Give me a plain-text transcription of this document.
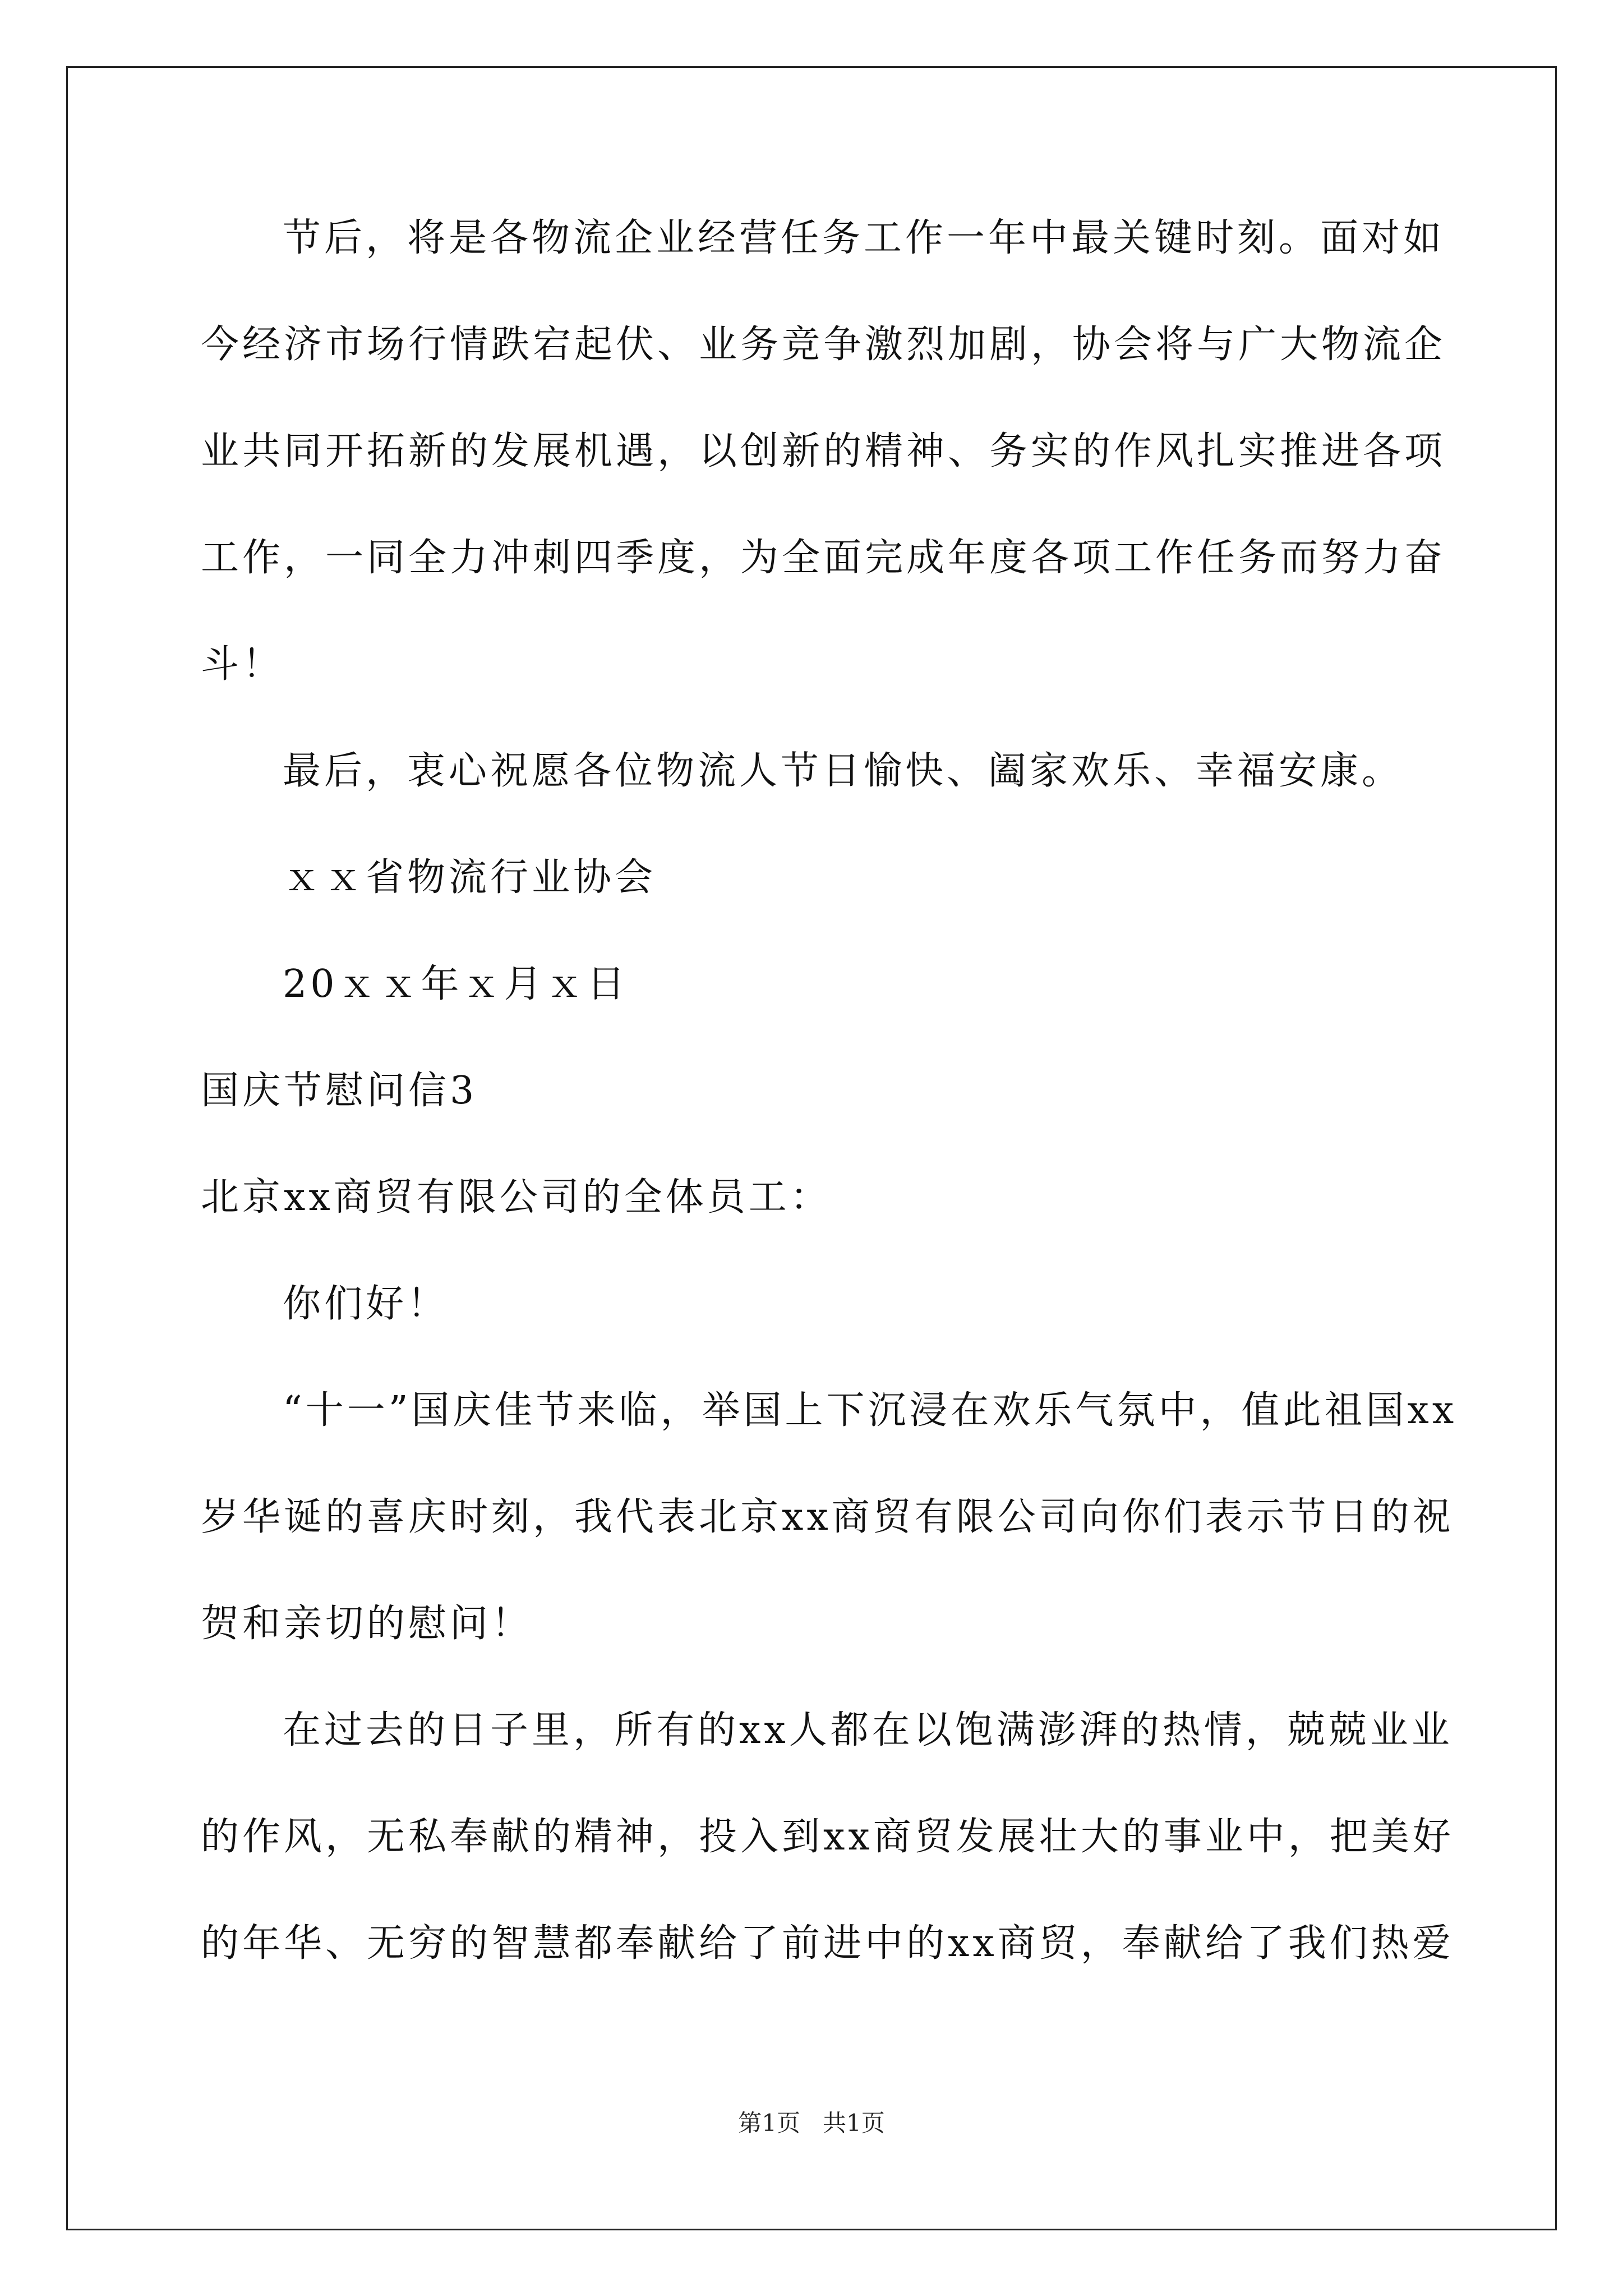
节后，将是各物流企业经营任务工作一年中最关键时刻。面对如
今经济市场行情跌宕起伏、业务竞争激烈加剧，协会将与广大物流企
业共同开拓新的发展机遇，以创新的精神、务实的作风扎实推进各项
工作，一同全力冲刺四季度，为全面完成年度各项工作任务而努力奋
斗！
最后，衷心祝愿各位物流人节日愉快、阖家欢乐、幸福安康。
ｘｘ省物流行业协会
20ｘｘ年ｘ月ｘ日
国庆节慰问信3
北京xx商贸有限公司的全体员工：
你们好！
“十一”国庆佳节来临，举国上下沉浸在欢乐气氛中，值此祖国xx
岁华诞的喜庆时刻，我代表北京xx商贸有限公司向你们表示节日的祝
贺和亲切的慰问！
在过去的日子里，所有的xx人都在以饱满澎湃的热情，兢兢业业
的作风，无私奉献的精神，投入到xx商贸发展壮大的事业中，把美好
的年华、无穷的智慧都奉献给了前进中的xx商贸，奉献给了我们热爱
第1页   共1页
